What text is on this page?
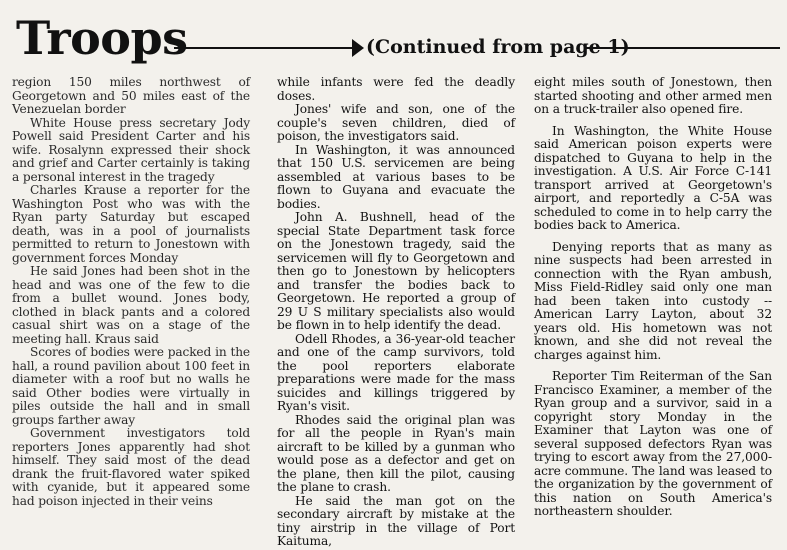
Troops	(Continued from page 1)

region 150 miles northwest of Georgetown and 50 miles east of the Venezuelan border

White House press secretary Jody Powell said President Carter and his wife. Rosalynn expressed their shock and grief and Carter certainly is taking a personal interest in the tragedy

Charles Krause a reporter for the Washington Post who was with the Ryan party Saturday but escaped death, was in a pool of journalists permitted to return to Jonestown with government forces Monday

He said Jones had been shot in the head and was one of the few to die from a bullet wound. Jones body, clothed in black pants and a colored casual shirt was on a stage of the meeting hall. Kraus said

Scores of bodies were packed in the hall, a round pavilion about 100 feet in diameter with a roof but no walls he said Other bodies were virtually in piles outside the hall and in small groups farther away

Government investigators told reporters Jones apparently had shot himself. They said most of the dead drank the fruit-flavored water spiked with cyanide, but it appeared some had poison injected in their veins

while infants were fed the deadly doses.

Jones' wife and son, one of the couple's seven children, died of poison, the investigators said.

In Washington, it was announced that 150 U.S. servicemen are being assembled at various bases to be flown to Guyana and evacuate the bodies.

John A. Bushnell, head of the special State Department task force on the Jonestown tragedy, said the servicemen will fly to Georgetown and then go to Jonestown by helicopters and transfer the bodies back to Georgetown. He reported a group of 29 U S military specialists also would be flown in to help identify the dead.

Odell Rhodes, a 36-year-old teacher and one of the camp survivors, told the pool reporters elaborate preparations were made for the mass suicides and killings triggered by Ryan's visit.

Rhodes said the original plan was for all the people in Ryan's main aircraft to be killed by a gunman who would pose as a defector and get on the plane, then kill the pilot, causing the plane to crash.

He said the man got on the secondary aircraft by mistake at the tiny airstrip in the village of Port Kaituma,

eight miles south of Jonestown, then started shooting and other armed men on a truck-trailer also opened fire.

In Washington, the White House said American poison experts were dispatched to Guyana to help in the investigation. A U.S. Air Force C-141 transport arrived at Georgetown's airport, and reportedly a C-5A was scheduled to come in to help carry the bodies back to America.

Denying reports that as many as nine suspects had been arrested in connection with the Ryan ambush, Miss Field-Ridley said only one man had been taken into custody -- American Larry Layton, about 32 years old. His hometown was not known, and she did not reveal the charges against him.

Reporter Tim Reiterman of the San Francisco Examiner, a member of the Ryan group and a survivor, said in a copyright story Monday in the Examiner that Layton was one of several supposed defectors Ryan was trying to escort away from the 27,000-acre commune. The land was leased to the organization by the government of this nation on South America's northeastern shoulder.
